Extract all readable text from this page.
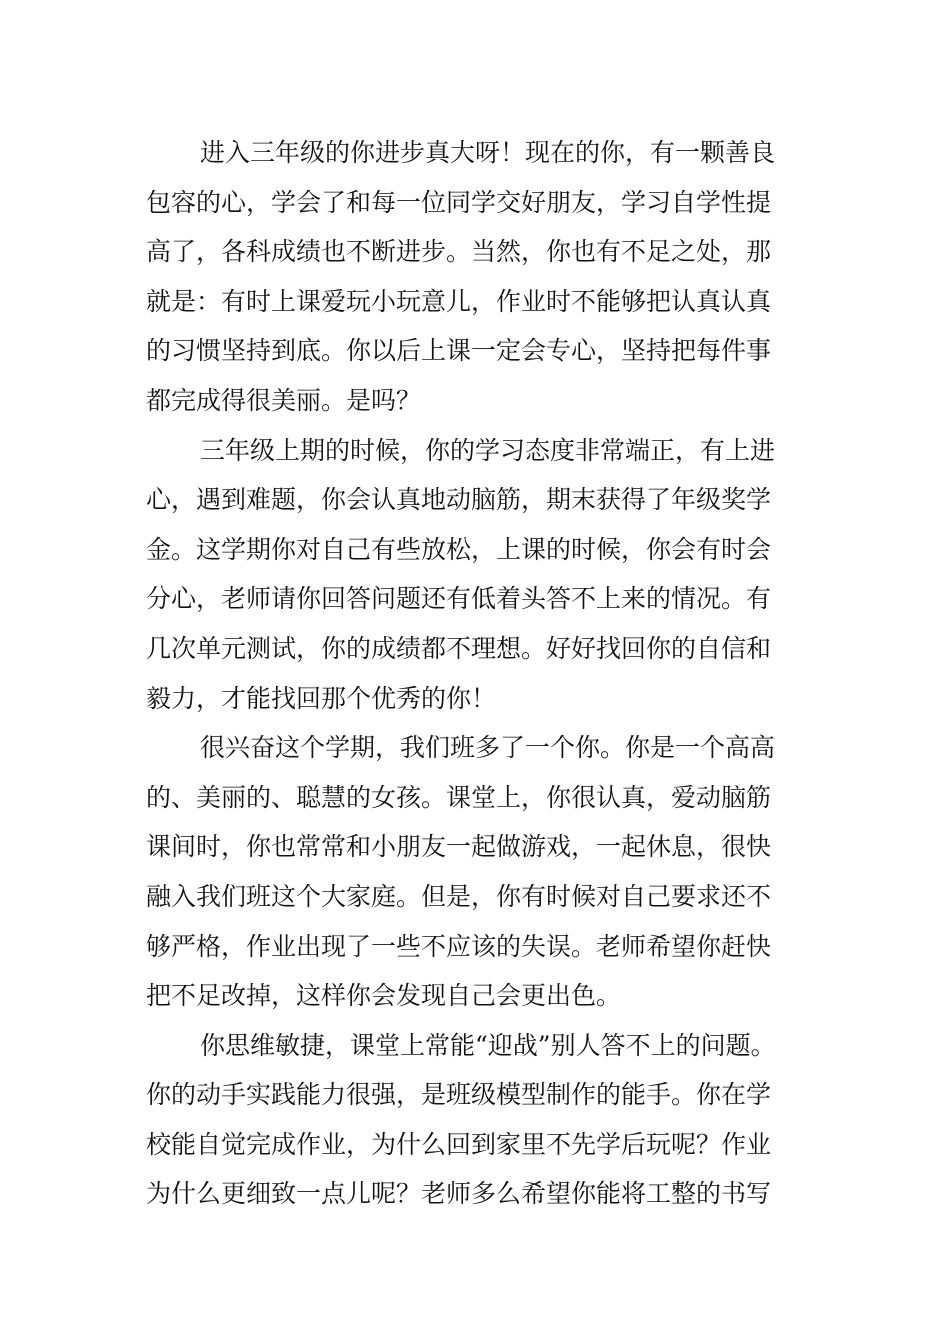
进入三年级的你进步真大呀！现在的你，有一颗善良
包容的心，学会了和每一位同学交好朋友，学习自学性提
高了，各科成绩也不断进步。当然，你也有不足之处，那
就是：有时上课爱玩小玩意儿，作业时不能够把认真认真
的习惯坚持到底。你以后上课一定会专心，坚持把每件事
都完成得很美丽。是吗？
三年级上期的时候，你的学习态度非常端正，有上进
心，遇到难题，你会认真地动脑筋，期末获得了年级奖学
金。这学期你对自己有些放松，上课的时候，你会有时会
分心，老师请你回答问题还有低着头答不上来的情况。有
几次单元测试，你的成绩都不理想。好好找回你的自信和
毅力，才能找回那个优秀的你！
很兴奋这个学期，我们班多了一个你。你是一个高高
的、美丽的、聪慧的女孩。课堂上，你很认真，爱动脑筋
课间时，你也常常和小朋友一起做游戏，一起休息，很快
融入我们班这个大家庭。但是，你有时候对自己要求还不
够严格，作业出现了一些不应该的失误。老师希望你赶快
把不足改掉，这样你会发现自己会更出色。
你思维敏捷，课堂上常能“迎战”别人答不上的问题。
你的动手实践能力很强，是班级模型制作的能手。你在学
校能自觉完成作业，为什么回到家里不先学后玩呢？作业
为什么更细致一点儿呢？老师多么希望你能将工整的书写
